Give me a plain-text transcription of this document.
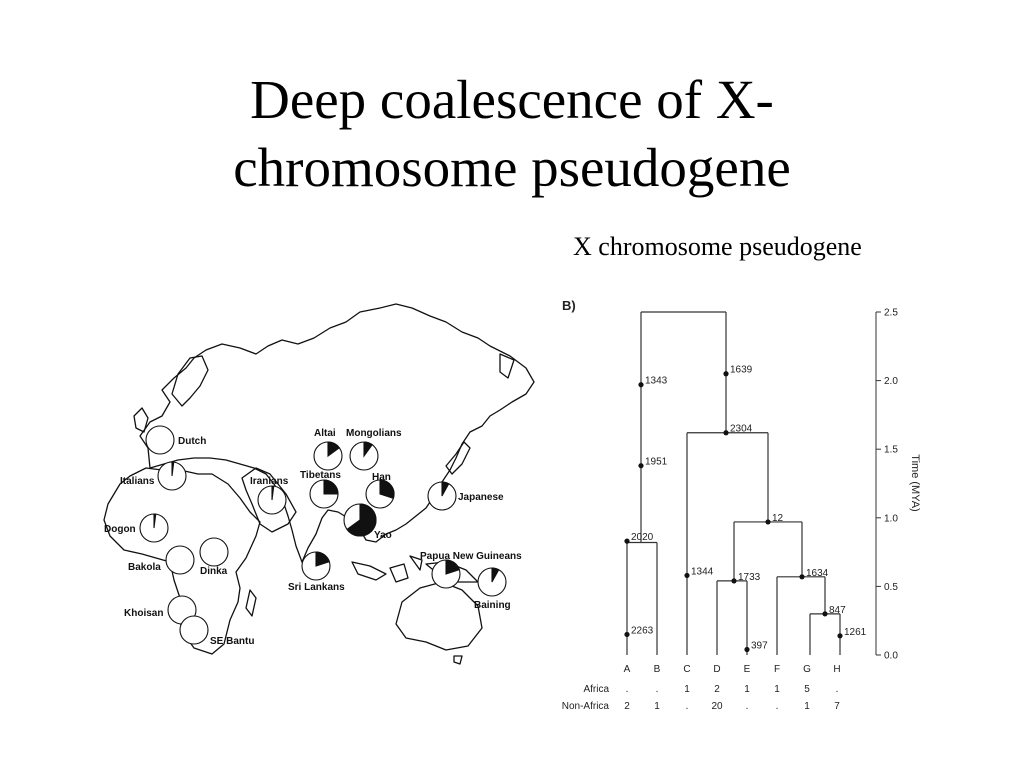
Deep coalescence of X-
chromosome pseudogene
X chromosome pseudogene
Dutch
Italians
Dogon
Bakola	Dinka
Khoisan
SE Bantu
Iranians
Altai Mongolians
Tibetans	Han
Yao
Japanese
Sri Lankans
Papua New Guineans
Baining
B)
0.0
0.5
1.0
1.5
2.0
2.5
Time (MYA)
1343
1951
2020
2263
1639
2304
1344 1733
397
12
1634
847
1261
A B C D E F G H
Africa .	.	1 2 1 1 5	.
Non-Africa 2 1	. 20 .	.	1 7
